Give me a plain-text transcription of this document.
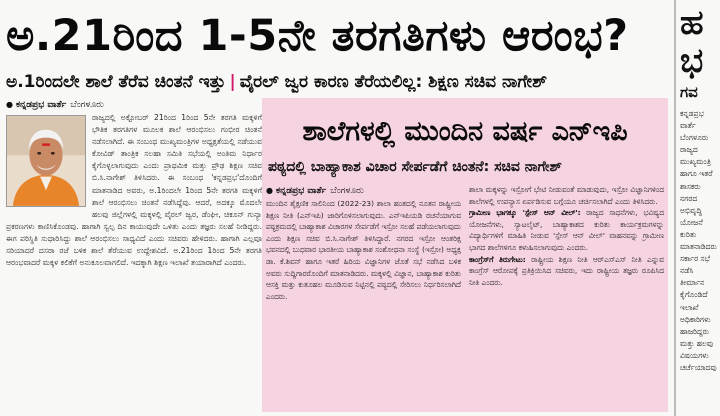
ಅ.21ರಿಂದ 1-5ನೇ ತರಗತಿಗಳು ಆರಂಭ?
ಅ.1ರಿಂದಲೇ ಶಾಲೆ ತೆರೆವ ಚಿಂತನೆ ಇತ್ತು | ವೈರಲ್ ಜ್ವರ ಕಾರಣ ತೆರೆಯಲಿಲ್ಲ: ಶಿಕ್ಷಣ ಸಚಿವ ನಾಗೇಶ್
● ಕನ್ನಡಪ್ರಭ ವಾರ್ತೆ ಬೆಂಗಳೂರು
ರಾಜ್ಯದಲ್ಲಿ ಅಕ್ಟೋಬರ್ 21ರಿಂದ 1ರಿಂದ 5ನೇ ತರಗತಿ ಮಕ್ಕಳಿಗೆ ಭೌತಿಕ ತರಗತಿಗಳ ಮೂಲಕ ಶಾಲೆ ಆರಂಭಿಸಲು ಗಂಭೀರ ಚಿಂತನೆ ನಡೆಸಲಾಗಿದೆ. ಈ ಸಂಬಂಧ ಮುಖ್ಯಮಂತ್ರಿಗಳ ಅಧ್ಯಕ್ಷತೆಯಲ್ಲಿ ನಡೆಯುವ ಕೋವಿಡ್ ತಾಂತ್ರಿಕ ಸಲಹಾ ಸಮಿತಿ ಸಭೆಯಲ್ಲಿ ಅಂತಿಮ ನಿರ್ಧಾರ ಕೈಗೊಳ್ಳಲಾಗುವುದು ಎಂದು ಪ್ರಾಥಮಿಕ ಮತ್ತು ಪ್ರೌಢ ಶಿಕ್ಷಣ ಸಚಿವ ಬಿ.ಸಿ.ನಾಗೇಶ್ ತಿಳಿಸಿದರು. ಈ ಸಂಬಂಧ 'ಕನ್ನಡಪ್ರಭ'ದೊಂದಿಗೆ ಮಾತನಾಡಿದ ಅವರು, ಅ.1ರಿಂದಲೇ 1ರಿಂದ 5ನೇ ತರಗತಿ ಮಕ್ಕಳಿಗೆ ಶಾಲೆ ಆರಂಭಿಸಲು ಚಿಂತನೆ ನಡೆಸಿದ್ದೆವು. ಆದರೆ, ಅದಕ್ಕೂ ಮೊದಲೇ ಹಲವು ಜಿಲ್ಲೆಗಳಲ್ಲಿ ಮಕ್ಕಳಲ್ಲಿ ವೈರಲ್ ಜ್ವರ, ಡೆಂಘೀ, ಚಿಕೂನ್ ಗುನ್ಯಾ ಪ್ರಕರಣಗಳು ಕಾಣಿಸಿಕೊಂಡವು. ಹಾಗಾಗಿ ಸ್ವಲ್ಪ ದಿನ ಕಾಯುವುದೇ ಒಳಿತು ಎಂದು ತಜ್ಞರು ಸಲಹೆ ನೀಡಿದ್ದರು. ಈಗ ಪರಿಸ್ಥಿತಿ ಸುಧಾರಿಸಿದ್ದು ಶಾಲೆ ಆರಂಭಿಸಲು ಸಾಧ್ಯವಿದೆ ಎಂದು ಸಚಿವರು ಹೇಳಿದರು. ಹಾಗಾಗಿ ಎಲ್ಲವೂ ಸರಿಯಾದರೆ ದಸರಾ ರಜೆ ಬಳಿಕ ಶಾಲೆ ತೆರೆಯುವ ಉದ್ದೇಶವಿದೆ. ಅ.21ರಿಂದ 1ರಿಂದ 5ನೇ ತರಗತಿ ಆರಂಭವಾದರೆ ಮಕ್ಕಳ ಕಲಿಕೆಗೆ ಅನುಕೂಲವಾಗಲಿದೆ. ಇದಕ್ಕಾಗಿ ಶಿಕ್ಷಣ ಇಲಾಖೆ ತಯಾರಾಗಿದೆ ಎಂದರು.
ಶಾಲೆಗಳಲ್ಲಿ ಮುಂದಿನ ವರ್ಷ ಎನ್ಇಪಿ
ಪಠ್ಯದಲ್ಲಿ ಬಾಹ್ಯಾಕಾಶ ವಿಚಾರ ಸೇರ್ಪಡೆಗೆ ಚಿಂತನೆ: ಸಚಿವ ನಾಗೇಶ್
● ಕನ್ನಡಪ್ರಭ ವಾರ್ತೆ ಬೆಂಗಳೂರು
ಮುಂದಿನ ಶೈಕ್ಷಣಿಕ ಸಾಲಿನಿಂದ (2022-23) ಶಾಲಾ ಹಂತದಲ್ಲಿ ನೂತನ ರಾಷ್ಟ್ರೀಯ ಶಿಕ್ಷಣ ನೀತಿ (ಎನ್ಇಪಿ) ಜಾರಿಗೊಳಿಸಲಾಗುವುದು. ಎನ್ಇಪಿಯಡಿ ರಚನೆಯಾಗುವ ಪಠ್ಯಕ್ರಮದಲ್ಲಿ ಬಾಹ್ಯಾಕಾಶ ವಿಚಾರಗಳ ಸೇರ್ಪಡೆಗೆ ಇಸ್ರೋ ಸಲಹೆ ಪಡೆಯಲಾಗುವುದು ಎಂದು ಶಿಕ್ಷಣ ಸಚಿವ ಬಿ.ಸಿ.ನಾಗೇಶ್ ತಿಳಿಸಿದ್ದಾರೆ. ನಗರದ ಇಸ್ರೋ ಆಂತರಿಕ್ಷ ಭವನದಲ್ಲಿ ಬುಧವಾರ ಭಾರತೀಯ ಬಾಹ್ಯಾಕಾಶ ಸಂಶೋಧನಾ ಸಂಸ್ಥೆ (ಇಸ್ರೋ) ಅಧ್ಯಕ್ಷ ಡಾ. ಕೆ.ಶಿವನ್ ಹಾಗೂ ಇತರೆ ಹಿರಿಯ ವಿಜ್ಞಾನಿಗಳ ಜೊತೆ ಸಭೆ ನಡೆಸಿದ ಬಳಿಕ ಅವರು ಸುದ್ದಿಗಾರರೊಂದಿಗೆ ಮಾತನಾಡಿದರು. ಮಕ್ಕಳಲ್ಲಿ ವಿಜ್ಞಾನ, ಬಾಹ್ಯಾಕಾಶ ಕುರಿತು ಆಸಕ್ತಿ ಮತ್ತು ಕುತೂಹಲ ಮೂಡಿಸುವ ನಿಟ್ಟಿನಲ್ಲಿ ಪಠ್ಯದಲ್ಲಿ ಸೇರಿಸಲು ನಿರ್ಧರಿಸಲಾಗಿದೆ ಎಂದರು.
ಶಾಲಾ ಮಕ್ಕಳನ್ನು ಇಸ್ರೋಗೆ ಭೇಟಿ ನೀಡುವಂತೆ ಮಾಡುವುದು, ಇಸ್ರೋ ವಿಜ್ಞಾನಿಗಳಿಂದ ಶಾಲೆಗಳಲ್ಲಿ ಉಪನ್ಯಾಸ ಏರ್ಪಡಿಸುವ ಬಗ್ಗೆಯೂ ಚರ್ಚಿಸಲಾಗಿದೆ ಎಂದು ತಿಳಿಸಿದರು.
ಗ್ರಾಮೀಣ ಭಾಗಕ್ಕೂ 'ಸ್ಪೇಸ್ ಆನ್ ವೀಲ್': ರಾಜ್ಯದ ಸಾಧನೆಗಳು, ಭವಿಷ್ಯದ ಯೋಜನೆಗಳು, ಸ್ಯಾಟಲೈಟ್, ಬಾಹ್ಯಾಕಾಶದ ಕುರಿತು ಕಾರ್ಯಕ್ರಮಗಳನ್ನು ವಿದ್ಯಾರ್ಥಿಗಳಿಗೆ ಮಾಹಿತಿ ನೀಡುವ 'ಸ್ಪೇಸ್ ಆನ್ ವೀಲ್' ವಾಹನವನ್ನು ಗ್ರಾಮೀಣ ಭಾಗದ ಶಾಲೆಗಳಿಗೂ ಕಳುಹಿಸಲಾಗುವುದು ಎಂದರು.
ಕಾಂಗ್ರೆಸ್‌ಗೆ ತಿರುಗೇಟು: ರಾಷ್ಟ್ರೀಯ ಶಿಕ್ಷಣ ನೀತಿ ಆರ್‌ಎಸ್ಎಸ್ ನೀತಿ ಎನ್ನುವ ಕಾಂಗ್ರೆಸ್ ಆರೋಪಕ್ಕೆ ಪ್ರತಿಕ್ರಿಯಿಸಿದ ಸಚಿವರು, ಇದು ರಾಷ್ಟ್ರೀಯ ತಜ್ಞರು ರೂಪಿಸಿದ ನೀತಿ ಎಂದರು.
ಹ
ಭ
ಗವ
ಕನ್ನಡಪ್ರಭ ವಾರ್ತೆ ಬೆಂಗಳೂರು ರಾಜ್ಯದ ಮುಖ್ಯಮಂತ್ರಿ ಹಾಗೂ ಇತರೆ ಶಾಸಕರು ನಗರದ ಅಭಿವೃದ್ಧಿ ಯೋಜನೆ ಕುರಿತು ಮಾತನಾಡಿದರು ಸರ್ಕಾರ ಸಭೆ ನಡೆಸಿ ತೀರ್ಮಾನ ಕೈಗೊಂಡಿದೆ ಇಲಾಖೆ ಅಧಿಕಾರಿಗಳು ಹಾಜರಿದ್ದರು ಮತ್ತು ಹಲವು ವಿಷಯಗಳು ಚರ್ಚೆಯಾದವು
